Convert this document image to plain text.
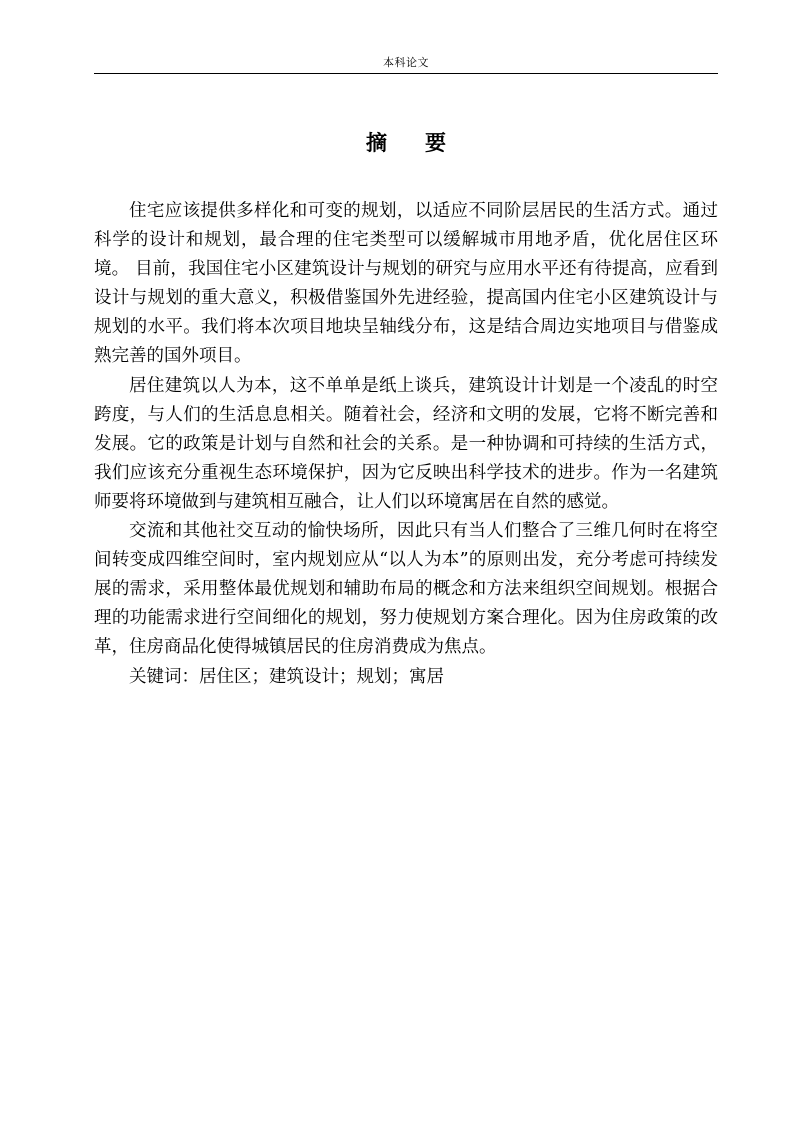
本科论文
摘要

住宅应该提供多样化和可变的规划，以适应不同阶层居民的生活方式。通过科学的设计和规划，最合理的住宅类型可以缓解城市用地矛盾，优化居住区环境。 目前，我国住宅小区建筑设计与规划的研究与应用水平还有待提高，应看到设计与规划的重大意义，积极借鉴国外先进经验，提高国内住宅小区建筑设计与规划的水平。我们将本次项目地块呈轴线分布，这是结合周边实地项目与借鉴成熟完善的国外项目。

居住建筑以人为本，这不单单是纸上谈兵，建筑设计计划是一个凌乱的时空跨度，与人们的生活息息相关。随着社会，经济和文明的发展，它将不断完善和发展。它的政策是计划与自然和社会的关系。是一种协调和可持续的生活方式，我们应该充分重视生态环境保护，因为它反映出科学技术的进步。作为一名建筑师要将环境做到与建筑相互融合，让人们以环境寓居在自然的感觉。

交流和其他社交互动的愉快场所，因此只有当人们整合了三维几何时在将空间转变成四维空间时，室内规划应从“以人为本”的原则出发，充分考虑可持续发展的需求，采用整体最优规划和辅助布局的概念和方法来组织空间规划。根据合理的功能需求进行空间细化的规划，努力使规划方案合理化。因为住房政策的改革，住房商品化使得城镇居民的住房消费成为焦点。

关键词：居住区；建筑设计；规划；寓居
